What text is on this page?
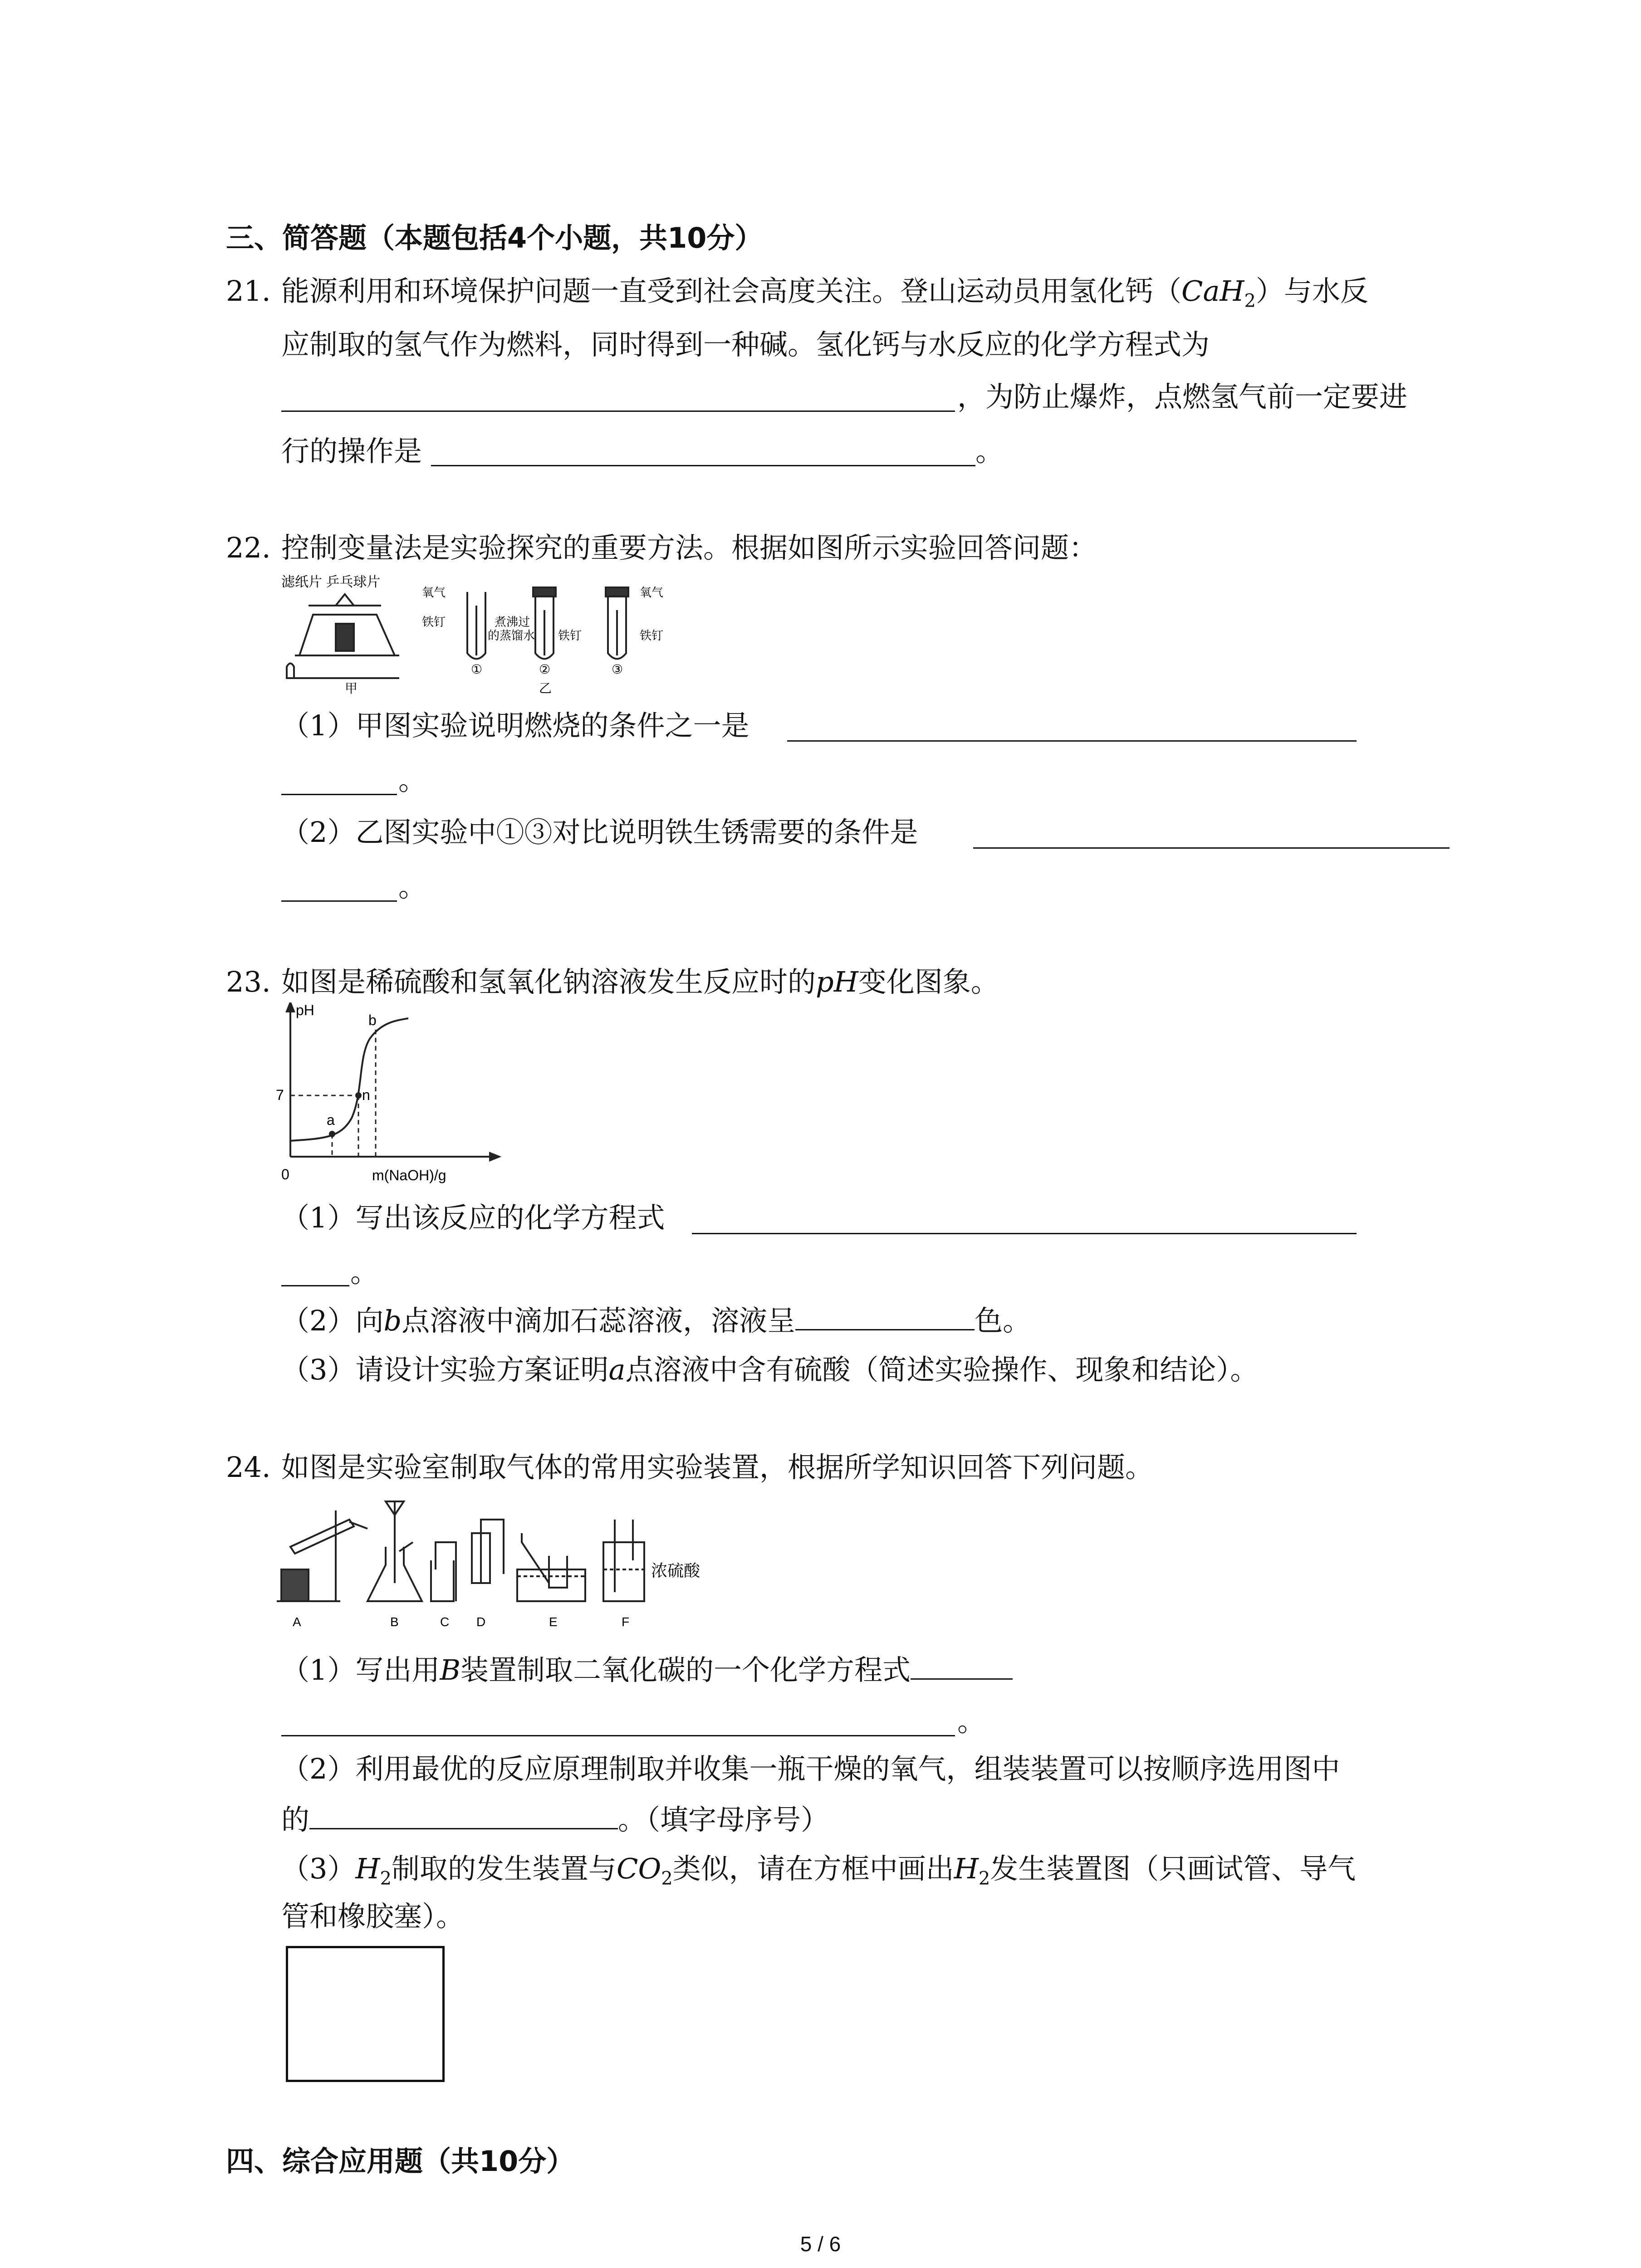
三、简答题（本题包括4个小题，共10分）
21. 能源利用和环境保护问题一直受到社会高度关注。登山运动员用氢化钙（CaH$_2$）与水反
应制取的氢气作为燃料，同时得到一种碱。氢化钙与水反应的化学方程式为
，为防止爆炸，点燃氢气前一定要进
行的操作是	。
22. 控制变量法是实验探究的重要方法。根据如图所示实验回答问题：
滤纸片 乒乓球片
甲
氧气
铁钉	煮沸过
的蒸馏水 铁钉
氧气
铁钉
①	②	③
乙
（1）甲图实验说明燃烧的条件之一是
。
（2）乙图实验中①③对比说明铁生锈需要的条件是
。
23. 如图是稀硫酸和氢氧化钠溶液发生反应时的pH变化图象。
pH
7
0	m(NaOH)/g
a
n
b
（1）写出该反应的化学方程式
。
（2）向b点溶液中滴加石蕊溶液，溶液呈	色。
（3）请设计实验方案证明a点溶液中含有硫酸（简述实验操作、现象和结论）。
24. 如图是实验室制取气体的常用实验装置，根据所学知识回答下列问题。
浓硫酸
A	B	C D	E	F
（1）写出用B装置制取二氧化碳的一个化学方程式
。
（2）利用最优的反应原理制取并收集一瓶干燥的氧气，组装装置可以按顺序选用图中
的	。（填字母序号）
$(3)H_2$制取的发生装置与$CO_2$类似，请在方框中画出$H_2$发生装置图（只画试管、导气
管和橡胶塞）。
四、综合应用题（共10分）
5 / 6
